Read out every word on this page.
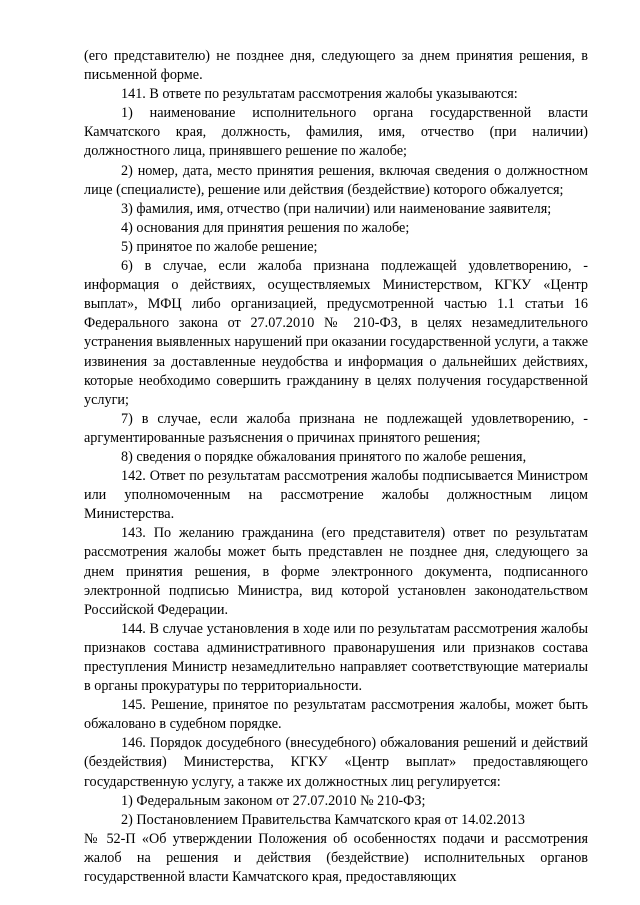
(его представителю) не позднее дня, следующего за днем принятия решения, в письменной форме.

141. В ответе по результатам рассмотрения жалобы указываются:

1) наименование исполнительного органа государственной власти Камчатского края, должность, фамилия, имя, отчество (при наличии) должностного лица, принявшего решение по жалобе;

2) номер, дата, место принятия решения, включая сведения о должностном лице (специалисте), решение или действия (бездействие) которого обжалуется;

3) фамилия, имя, отчество (при наличии) или наименование заявителя;

4) основания для принятия решения по жалобе;

5) принятое по жалобе решение;

6) в случае, если жалоба признана подлежащей удовлетворению, - информация о действиях, осуществляемых Министерством, КГКУ «Центр выплат», МФЦ либо организацией, предусмотренной частью 1.1 статьи 16 Федерального закона от 27.07.2010 № 210-ФЗ, в целях незамедлительного устранения выявленных нарушений при оказании государственной услуги, а также извинения за доставленные неудобства и информация о дальнейших действиях, которые необходимо совершить гражданину в целях получения государственной услуги;

7) в случае, если жалоба признана не подлежащей удовлетворению, - аргументированные разъяснения о причинах принятого решения;

8) сведения о порядке обжалования принятого по жалобе решения,

142. Ответ по результатам рассмотрения жалобы подписывается Министром или уполномоченным на рассмотрение жалобы должностным лицом Министерства.

143. По желанию гражданина (его представителя) ответ по результатам рассмотрения жалобы может быть представлен не позднее дня, следующего за днем принятия решения, в форме электронного документа, подписанного электронной подписью Министра, вид которой установлен законодательством Российской Федерации.

144. В случае установления в ходе или по результатам рассмотрения жалобы признаков состава административного правонарушения или признаков состава преступления Министр незамедлительно направляет соответствующие материалы в органы прокуратуры по территориальности.

145. Решение, принятое по результатам рассмотрения жалобы, может быть обжаловано в судебном порядке.

146. Порядок досудебного (внесудебного) обжалования решений и действий (бездействия) Министерства, КГКУ «Центр выплат» предоставляющего государственную услугу, а также их должностных лиц регулируется:

1) Федеральным законом от 27.07.2010 № 210-ФЗ;

2) Постановлением Правительства Камчатского края от 14.02.2013

№ 52-П «Об утверждении Положения об особенностях подачи и рассмотрения жалоб на решения и действия (бездействие) исполнительных органов государственной власти Камчатского края, предоставляющих
